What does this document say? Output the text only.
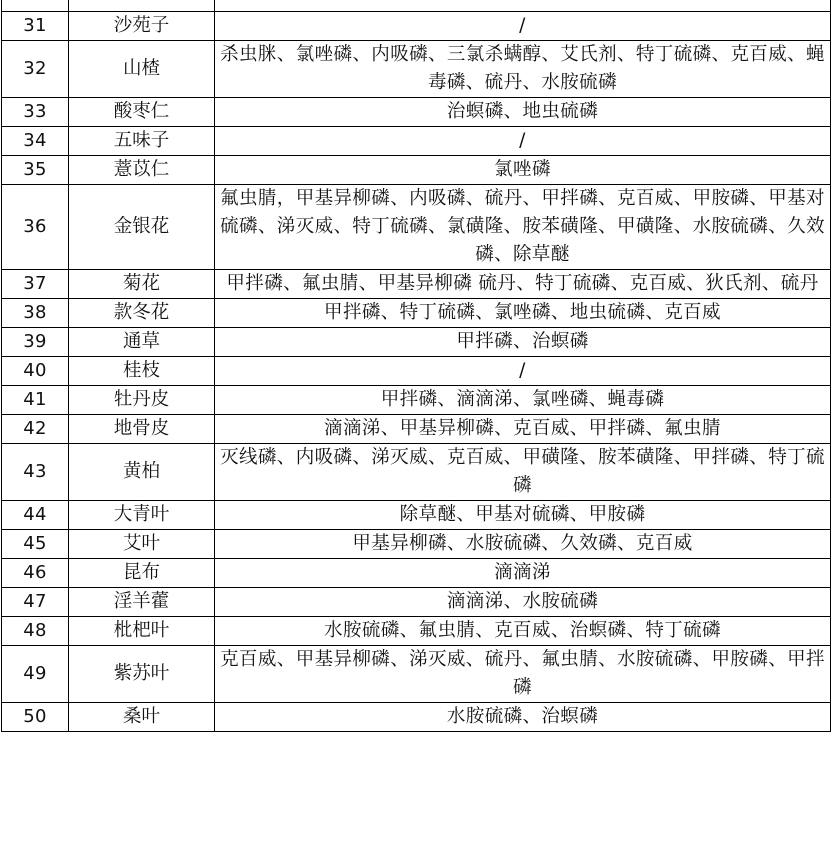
31	沙苑子	/
32	山楂	杀虫脒、氯唑磷、内吸磷、三氯杀螨醇、艾氏剂、特丁硫磷、克百威、蝇毒磷、硫丹、水胺硫磷
33	酸枣仁	治螟磷、地虫硫磷
34	五味子	/
35	薏苡仁	氯唑磷
36	金银花	氟虫腈，甲基异柳磷、内吸磷、硫丹、甲拌磷、克百威、甲胺磷、甲基对硫磷、涕灭威、特丁硫磷、氯磺隆、胺苯磺隆、甲磺隆、水胺硫磷、久效磷、除草醚
37	菊花	甲拌磷、氟虫腈、甲基异柳磷 硫丹、特丁硫磷、克百威、狄氏剂、硫丹
38	款冬花	甲拌磷、特丁硫磷、氯唑磷、地虫硫磷、克百威
39	通草	甲拌磷、治螟磷
40	桂枝	/
41	牡丹皮	甲拌磷、滴滴涕、氯唑磷、蝇毒磷
42	地骨皮	滴滴涕、甲基异柳磷、克百威、甲拌磷、氟虫腈
43	黄柏	灭线磷、内吸磷、涕灭威、克百威、甲磺隆、胺苯磺隆、甲拌磷、特丁硫磷
44	大青叶	除草醚、甲基对硫磷、甲胺磷
45	艾叶	甲基异柳磷、水胺硫磷、久效磷、克百威
46	昆布	滴滴涕
47	淫羊藿	滴滴涕、水胺硫磷
48	枇杷叶	水胺硫磷、氟虫腈、克百威、治螟磷、特丁硫磷
49	紫苏叶	克百威、甲基异柳磷、涕灭威、硫丹、氟虫腈、水胺硫磷、甲胺磷、甲拌磷
50	桑叶	水胺硫磷、治螟磷
